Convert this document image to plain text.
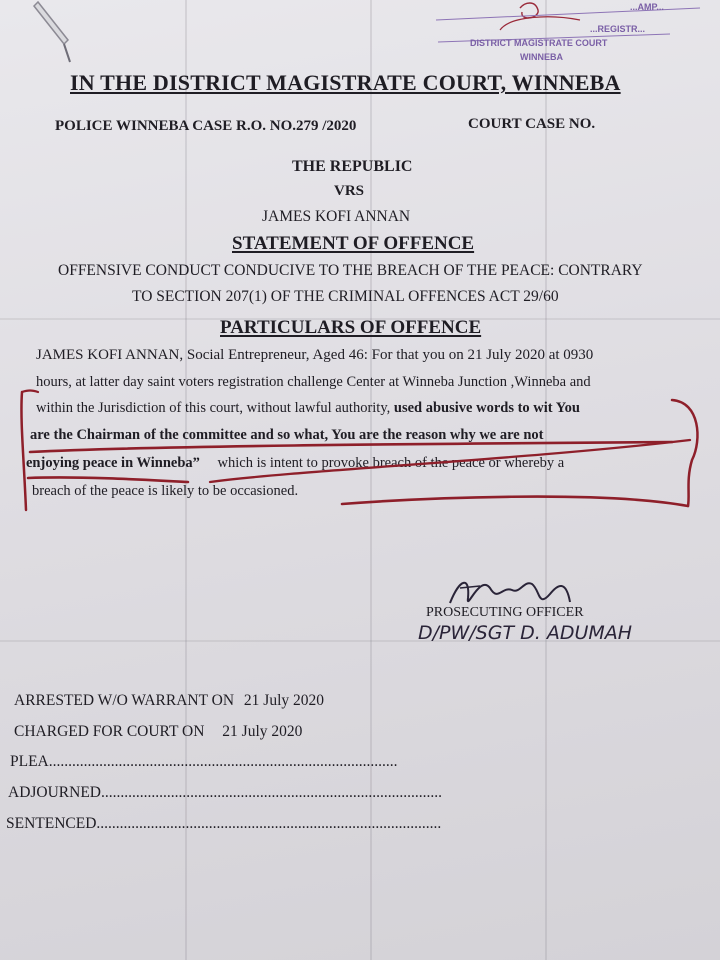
...AMP...
...REGISTR...
DISTRICT MAGISTRATE COURT
WINNEBA
IN THE DISTRICT MAGISTRATE COURT, WINNEBA
POLICE WINNEBA CASE R.O. NO.279 /2020	COURT CASE NO.
THE REPUBLIC
VRS
JAMES KOFI ANNAN
STATEMENT OF OFFENCE
OFFENSIVE CONDUCT CONDUCIVE TO THE BREACH OF THE PEACE: CONTRARY
TO SECTION 207(1) OF THE CRIMINAL OFFENCES ACT 29/60
PARTICULARS OF OFFENCE
JAMES KOFI ANNAN, Social Entrepreneur, Aged 46: For that you on 21 July 2020 at 0930
hours, at latter day saint voters registration challenge Center at Winneba Junction ,Winneba and
within the Jurisdiction of this court, without lawful authority, used abusive words to wit You
are the Chairman of the committee and so what, You are the reason why we are not
enjoying peace in Winneba” which is intent to provoke breach of the peace or whereby a
breach of the peace is likely to be occasioned.
PROSECUTING OFFICER
D/PW/SGT D. ADUMAH
ARRESTED W/O WARRANT ON 21 July 2020
CHARGED FOR COURT ON 21 July 2020
PLEA..........................................................................................
ADJOURNED........................................................................................
SENTENCED.........................................................................................
